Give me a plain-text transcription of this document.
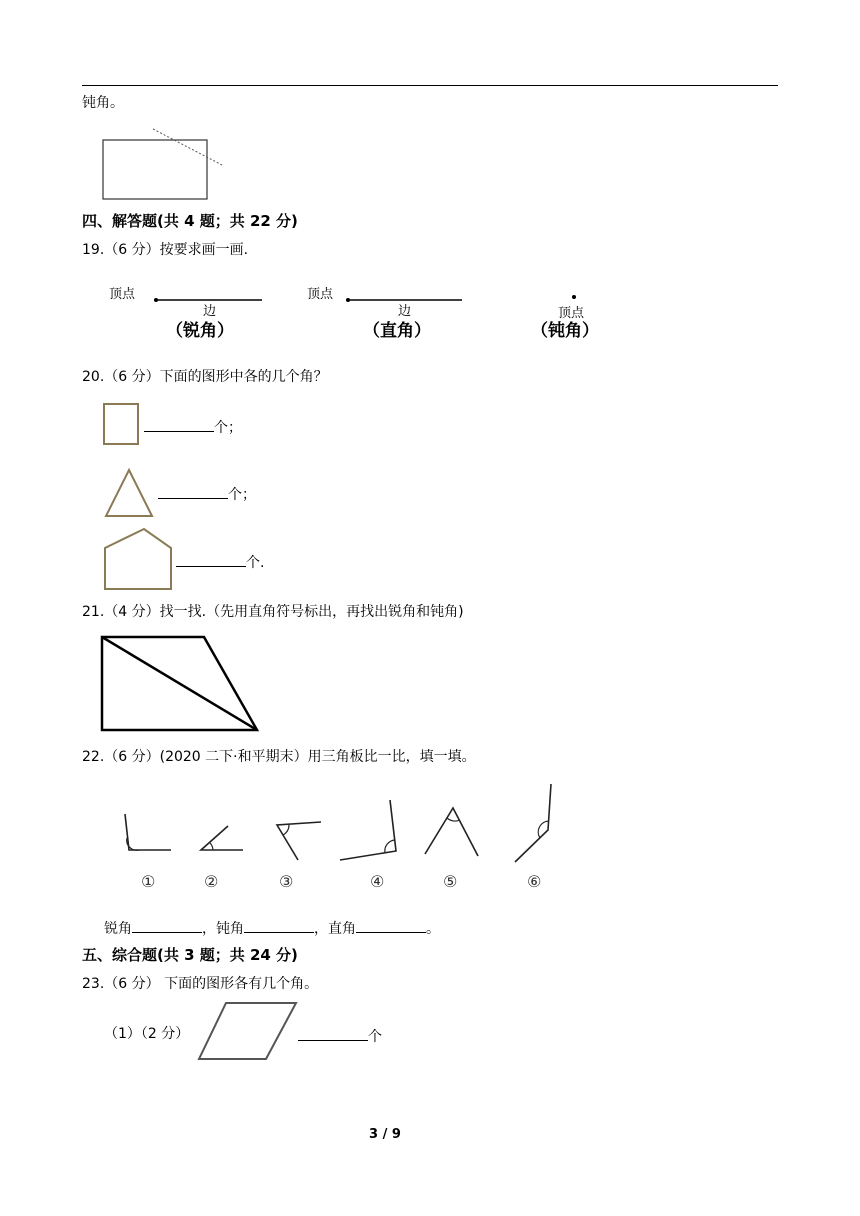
钝角。
四、解答题(共 4 题；共 22 分)
19.（6 分）按要求画一画.
顶点
边
（锐角）
顶点
边
（直角）
顶点
（钝角）
20.（6 分）下面的图形中各的几个角？
个；
个；
个.
21.（4 分）找一找.（先用直角符号标出，再找出锐角和钝角)
22.（6 分）(2020 二下·和平期末）用三角板比一比，填一填。
①	②	③	④	⑤	⑥
锐角	，钝角	，直角	。
五、综合题(共 3 题；共 24 分)
23.（6 分） 下面的图形各有几个角。
（1）（2 分）	个
3 / 9
